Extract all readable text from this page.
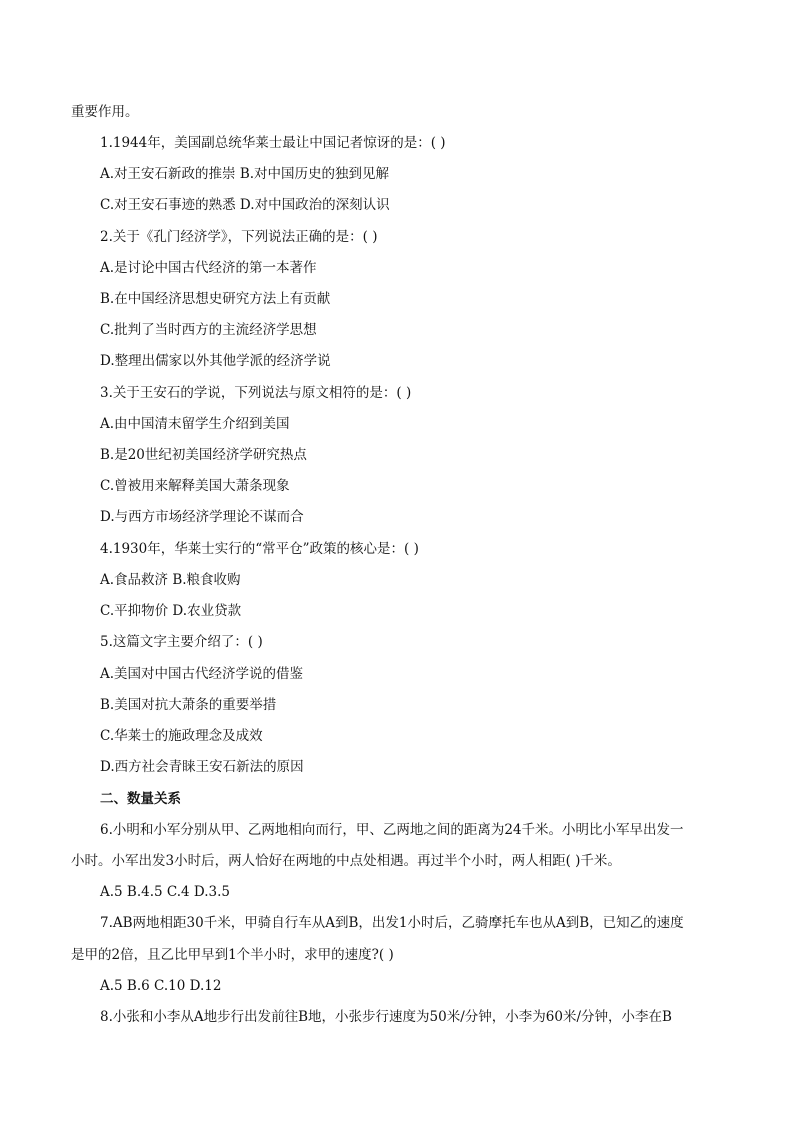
重要作用。
1.1944年，美国副总统华莱士最让中国记者惊讶的是：( )
A.对王安石新政的推崇 B.对中国历史的独到见解
C.对王安石事迹的熟悉 D.对中国政治的深刻认识
2.关于《孔门经济学》，下列说法正确的是：( )
A.是讨论中国古代经济的第一本著作
B.在中国经济思想史研究方法上有贡献
C.批判了当时西方的主流经济学思想
D.整理出儒家以外其他学派的经济学说
3.关于王安石的学说，下列说法与原文相符的是：( )
A.由中国清末留学生介绍到美国
B.是20世纪初美国经济学研究热点
C.曾被用来解释美国大萧条现象
D.与西方市场经济学理论不谋而合
4.1930年，华莱士实行的“常平仓”政策的核心是：( )
A.食品救济 B.粮食收购
C.平抑物价 D.农业贷款
5.这篇文字主要介绍了：( )
A.美国对中国古代经济学说的借鉴
B.美国对抗大萧条的重要举措
C.华莱士的施政理念及成效
D.西方社会青睐王安石新法的原因
二、数量关系
6.小明和小军分别从甲、乙两地相向而行，甲、乙两地之间的距离为24千米。小明比小军早出发一
小时。小军出发3小时后，两人恰好在两地的中点处相遇。再过半个小时，两人相距( )千米。
A.5 B.4.5 C.4 D.3.5
7.AB两地相距30千米，甲骑自行车从A到B，出发1小时后，乙骑摩托车也从A到B，已知乙的速度
是甲的2倍，且乙比甲早到1个半小时，求甲的速度?( )
A.5 B.6 C.10 D.12
8.小张和小李从A地步行出发前往B地，小张步行速度为50米/分钟，小李为60米/分钟，小李在B
